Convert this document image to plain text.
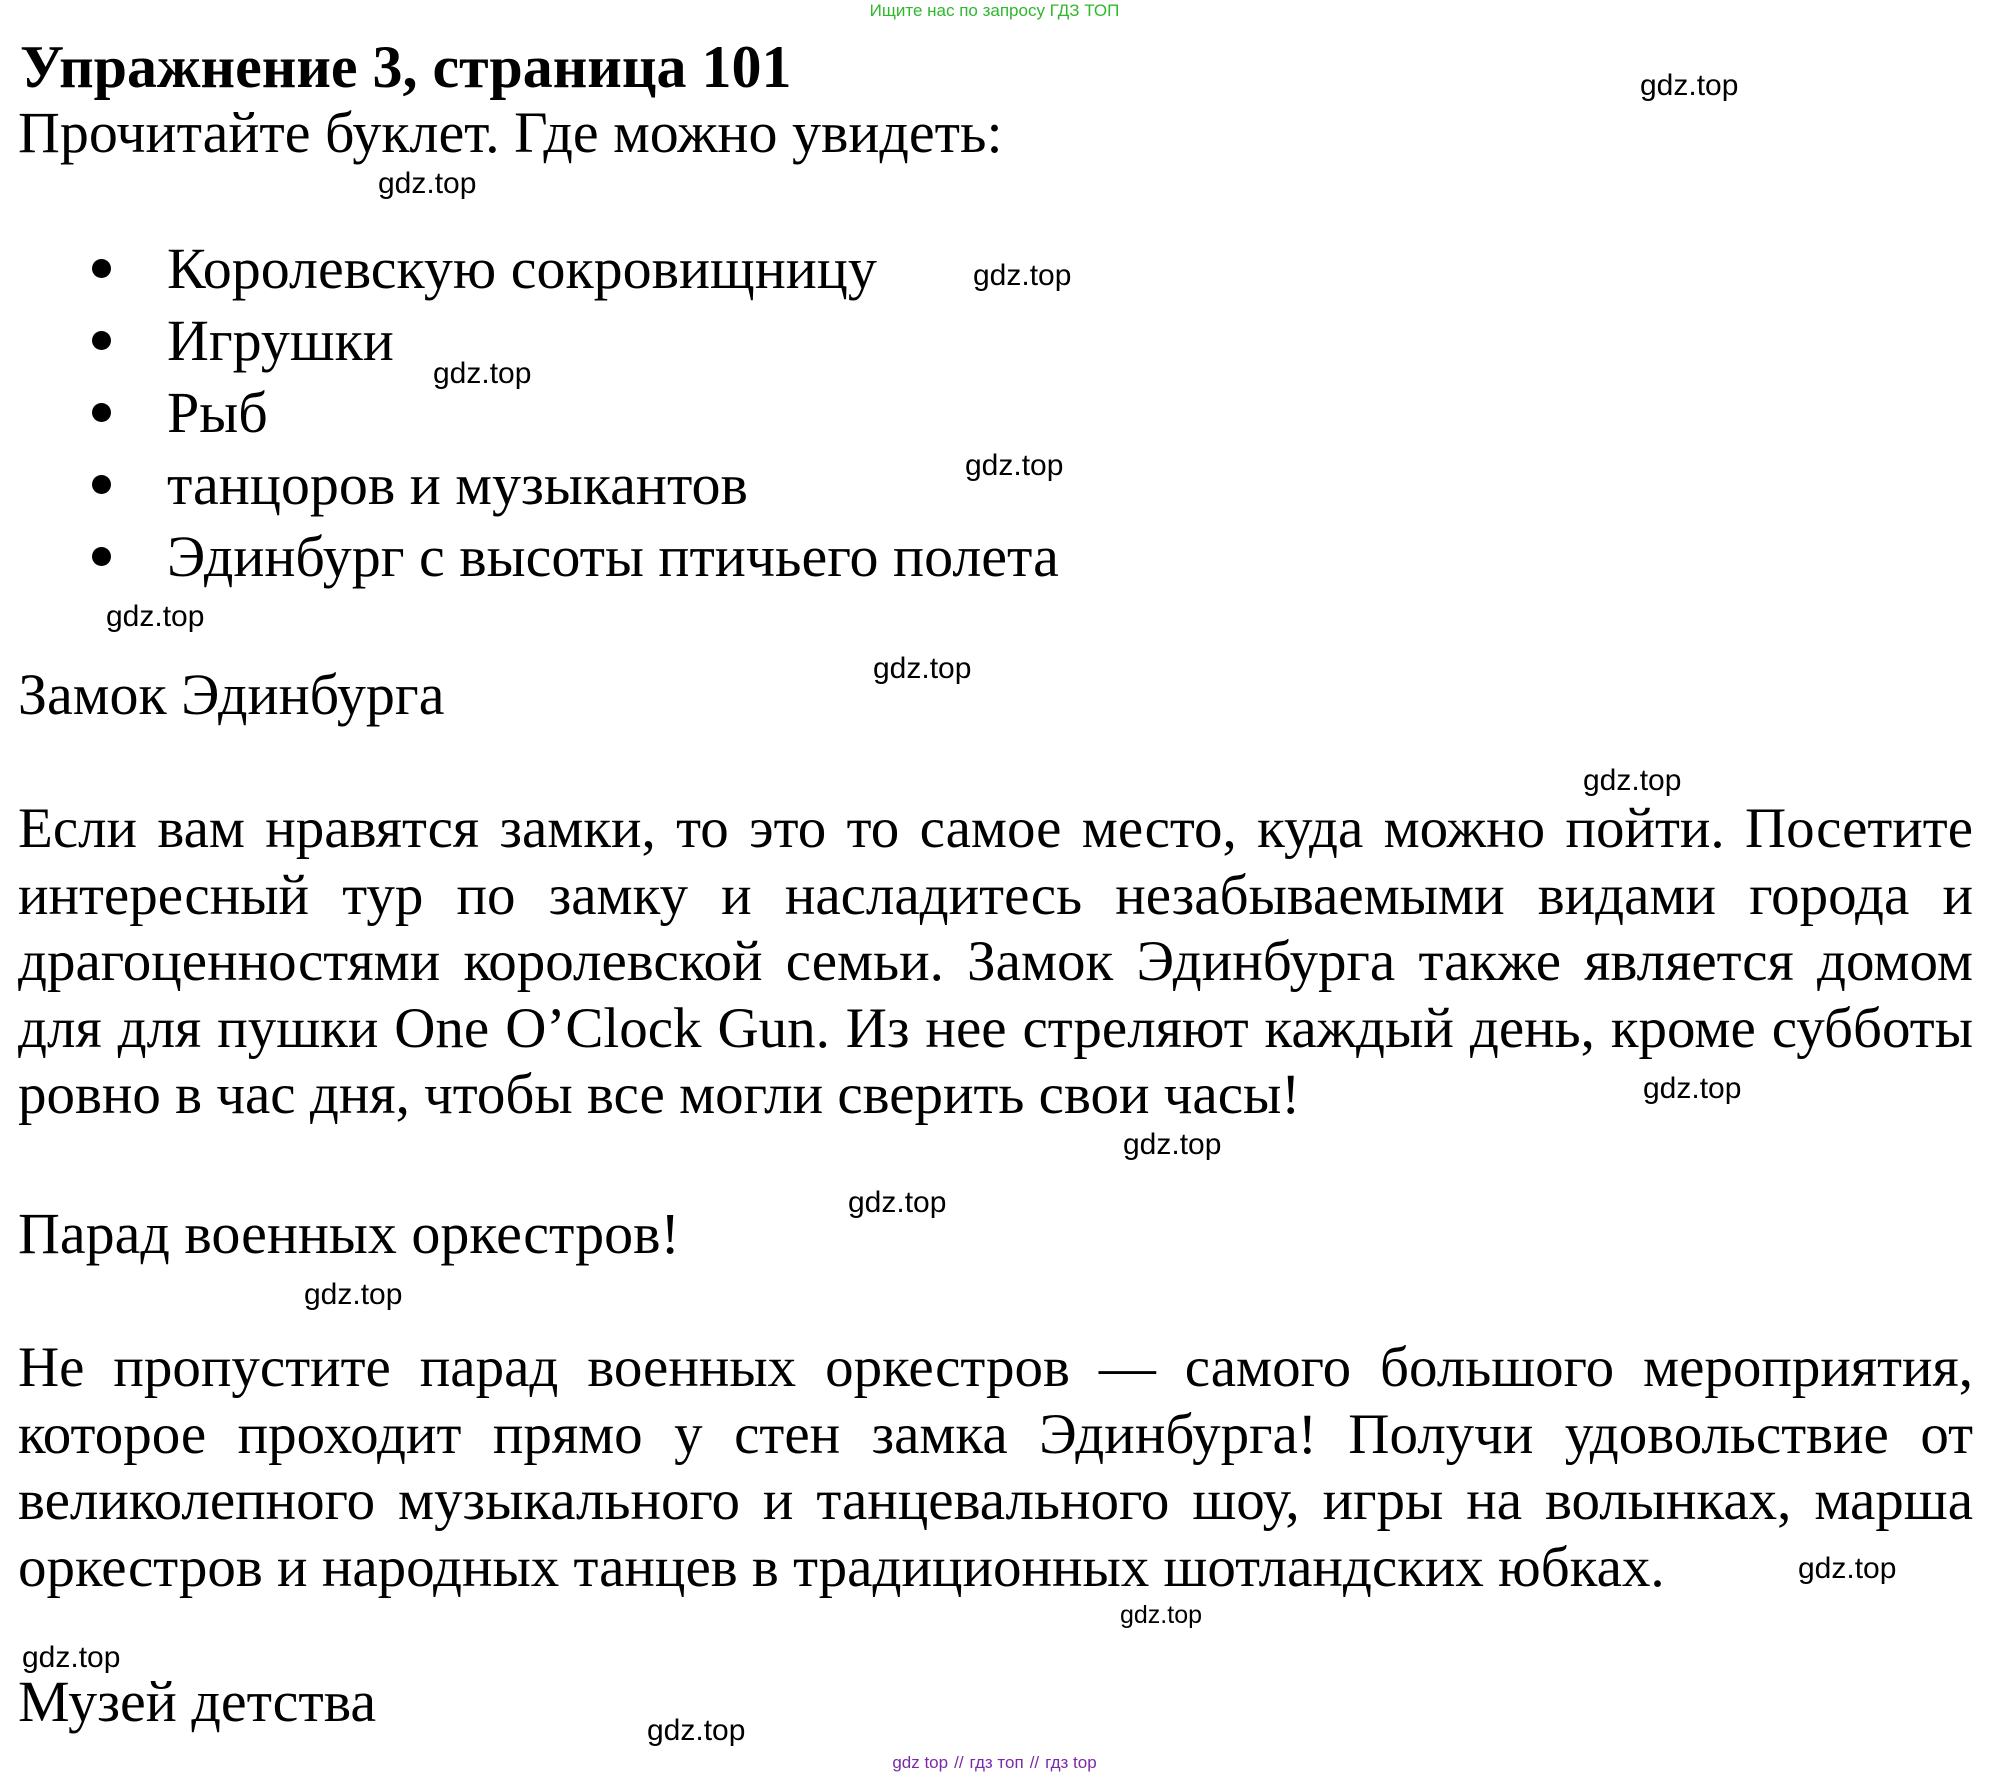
Ищите нас по запросу ГДЗ ТОП
Упражнение 3, страница 101
Прочитайте буклет. Где можно увидеть:
Королевскую сокровищницу
Игрушки
Рыб
танцоров и музыкантов
Эдинбург с высоты птичьего полета
Замок Эдинбурга
Если вам нравятся замки, то это то самое место, куда можно пойти. Посетите
интересный тур по замку и насладитесь незабываемыми видами города и
драгоценностями королевской семьи. Замок Эдинбурга также является домом
для для пушки One O’Clock Gun. Из нее стреляют каждый день, кроме субботы
ровно в час дня, чтобы все могли сверить свои часы!
Парад военных оркестров!
Не пропустите парад военных оркестров — самого большого мероприятия,
которое проходит прямо у стен замка Эдинбурга! Получи удовольствие от
великолепного музыкального и танцевального шоу, игры на волынках, марша
оркестров и народных танцев в традиционных шотландских юбках.
Музей детства
gdz.top
gdz.top
gdz.top
gdz.top
gdz.top
gdz.top
gdz.top
gdz.top
gdz.top
gdz.top
gdz.top
gdz.top
gdz.top
gdz.top
gdz.top
gdz.top
gdz top // гдз топ // гдз top
